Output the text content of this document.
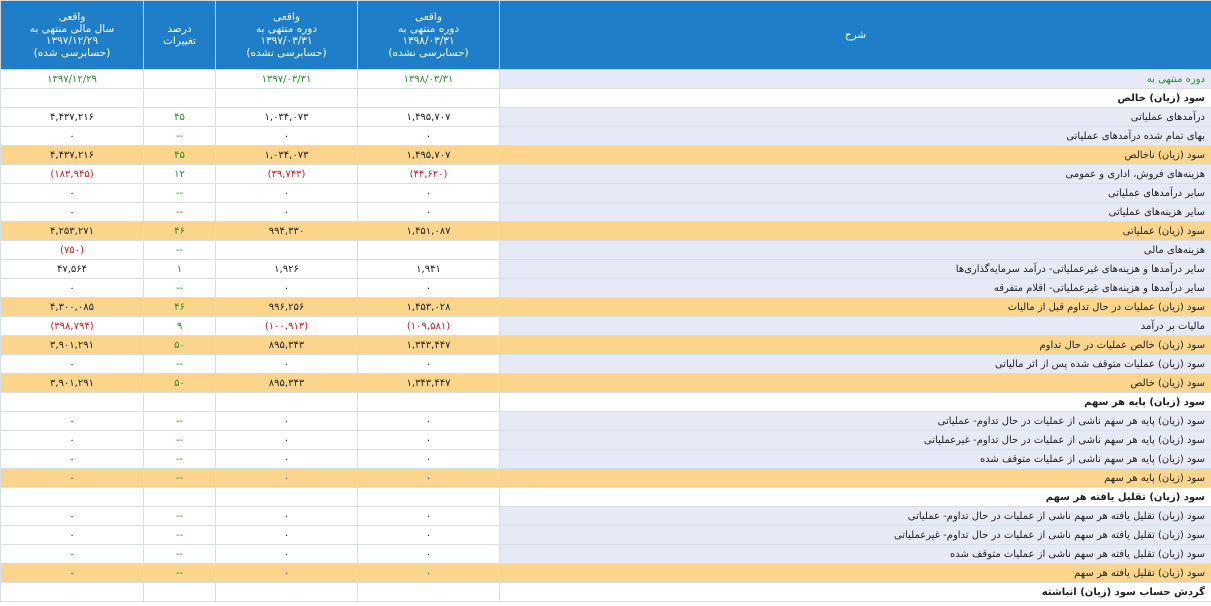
شرح	واقعی
دوره منتهی به
۱۳۹۸/۰۳/۳۱
(حسابرسی نشده)	واقعی
دوره منتهی به
۱۳۹۷/۰۳/۳۱
(حسابرسی نشده)	درصد
تغییرات	واقعی
سال مالی منتهی به
۱۳۹۷/۱۲/۲۹
(حسابرسی شده)

دوره منتهی به	۱۳۹۸/۰۳/۳۱	۱۳۹۷/۰۳/۳۱		۱۳۹۷/۱۲/۲۹
سود (زیان) خالص				
درآمدهای عملیاتی	۱,۴۹۵,۷۰۷	۱,۰۳۴,۰۷۳	۴۵	۴,۴۳۷,۲۱۶
بهای تمام شده درآمدهای عملیاتی	۰	۰	--	۰
سود (زیان) ناخالص	۱,۴۹۵,۷۰۷	۱,۰۳۴,۰۷۳	۴۵	۴,۴۳۷,۲۱۶
هزینه‌های فروش، اداری و عمومی	(۴۴,۶۲۰)	(۳۹,۷۴۳)	۱۲	(۱۸۳,۹۴۵)
سایر درآمدهای عملیاتی	۰	۰	--	۰
سایر هزینه‌های عملیاتی	۰	۰	--	۰
سود (زیان) عملیاتی	۱,۴۵۱,۰۸۷	۹۹۴,۳۳۰	۴۶	۴,۲۵۳,۲۷۱
هزینه‌های مالی			--	(۷۵۰)
سایر درآمدها و هزینه‌های غیرعملیاتی- درآمد سرمایه‌گذاری‌ها	۱,۹۴۱	۱,۹۲۶	۱	۴۷,۵۶۴
سایر درآمدها و هزینه‌های غیرعملیاتی- اقلام متفرقه	۰	۰	--	۰
سود (زیان) عملیات در حال تداوم قبل از مالیات	۱,۴۵۳,۰۲۸	۹۹۶,۲۵۶	۴۶	۴,۳۰۰,۰۸۵
مالیات بر درآمد	(۱۰۹,۵۸۱)	(۱۰۰,۹۱۳)	۹	(۳۹۸,۷۹۴)
سود (زیان) خالص عملیات در حال تداوم	۱,۳۴۳,۴۴۷	۸۹۵,۳۴۳	۵۰	۳,۹۰۱,۲۹۱
سود (زیان) عملیات متوقف شده پس از اثر مالیاتی	۰	۰	--	۰
سود (زیان) خالص	۱,۳۴۳,۴۴۷	۸۹۵,۳۴۳	۵۰	۳,۹۰۱,۲۹۱
سود (زیان) پایه هر سهم				
سود (زیان) پایه هر سهم ناشی از عملیات در حال تداوم- عملیاتی	۰	۰	--	۰
سود (زیان) پایه هر سهم ناشی از عملیات در حال تداوم- غیرعملیاتی	۰	۰	--	۰
سود (زیان) پایه هر سهم ناشی از عملیات متوقف شده	۰	۰	--	۰
سود (زیان) پایه هر سهم	۰	۰	--	۰
سود (زیان) تقلیل یافته هر سهم				
سود (زیان) تقلیل یافته هر سهم ناشی از عملیات در حال تداوم- عملیاتی	۰	۰	--	۰
سود (زیان) تقلیل یافته هر سهم ناشی از عملیات در حال تداوم- غیرعملیاتی	۰	۰	--	۰
سود (زیان) تقلیل یافته هر سهم ناشی از عملیات متوقف شده	۰	۰	--	۰
سود (زیان) تقلیل یافته هر سهم	۰	۰	--	۰
گردش حساب سود (زیان) انباشته				
